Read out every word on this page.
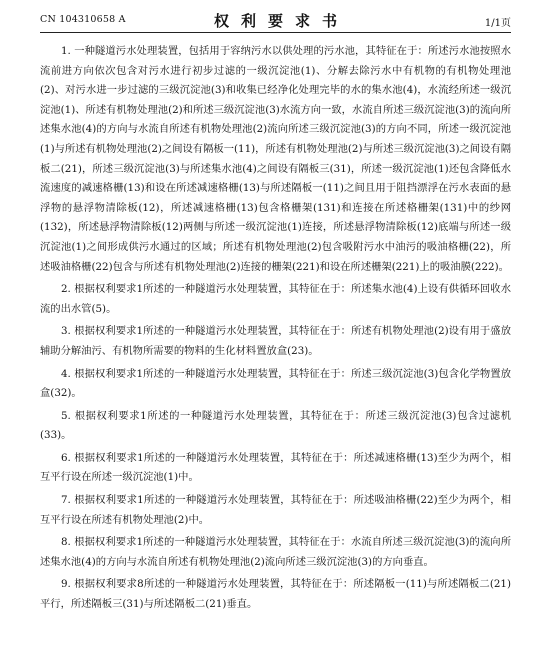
CN 104310658 A	权利要求书	1/1页

1. 一种隧道污水处理装置，包括用于容纳污水以供处理的污水池，其特征在于：所述污水池按照水流前进方向依次包含对污水进行初步过滤的一级沉淀池(1)、分解去除污水中有机物的有机物处理池(2)、对污水进一步过滤的三级沉淀池(3)和收集已经净化处理完毕的水的集水池(4)，水流经所述一级沉淀池(1)、所述有机物处理池(2)和所述三级沉淀池(3)水流方向一致，水流自所述三级沉淀池(3)的流向所述集水池(4)的方向与水流自所述有机物处理池(2)流向所述三级沉淀池(3)的方向不同，所述一级沉淀池(1)与所述有机物处理池(2)之间设有隔板一(11)，所述有机物处理池(2)与所述三级沉淀池(3)之间设有隔板二(21)，所述三级沉淀池(3)与所述集水池(4)之间设有隔板三(31)，所述一级沉淀池(1)还包含降低水流速度的减速格栅(13)和设在所述减速格栅(13)与所述隔板一(11)之间且用于阻挡漂浮在污水表面的悬浮物的悬浮物清除板(12)，所述减速格栅(13)包含格栅架(131)和连接在所述格栅架(131)中的纱网(132)，所述悬浮物清除板(12)两侧与所述一级沉淀池(1)连接，所述悬浮物清除板(12)底端与所述一级沉淀池(1)之间形成供污水通过的区域；所述有机物处理池(2)包含吸附污水中油污的吸油格栅(22)，所述吸油格栅(22)包含与所述有机物处理池(2)连接的栅架(221)和设在所述栅架(221)上的吸油膜(222)。

2. 根据权利要求1所述的一种隧道污水处理装置，其特征在于：所述集水池(4)上设有供循环回收水流的出水管(5)。

3. 根据权利要求1所述的一种隧道污水处理装置，其特征在于：所述有机物处理池(2)设有用于盛放辅助分解油污、有机物所需要的物料的生化材料置放盒(23)。

4. 根据权利要求1所述的一种隧道污水处理装置，其特征在于：所述三级沉淀池(3)包含化学物置放盒(32)。

5. 根据权利要求1所述的一种隧道污水处理装置，其特征在于：所述三级沉淀池(3)包含过滤机(33)。

6. 根据权利要求1所述的一种隧道污水处理装置，其特征在于：所述减速格栅(13)至少为两个，相互平行设在所述一级沉淀池(1)中。

7. 根据权利要求1所述的一种隧道污水处理装置，其特征在于：所述吸油格栅(22)至少为两个，相互平行设在所述有机物处理池(2)中。

8. 根据权利要求1所述的一种隧道污水处理装置，其特征在于：水流自所述三级沉淀池(3)的流向所述集水池(4)的方向与水流自所述有机物处理池(2)流向所述三级沉淀池(3)的方向垂直。

9. 根据权利要求8所述的一种隧道污水处理装置，其特征在于：所述隔板一(11)与所述隔板二(21)平行，所述隔板三(31)与所述隔板二(21)垂直。
